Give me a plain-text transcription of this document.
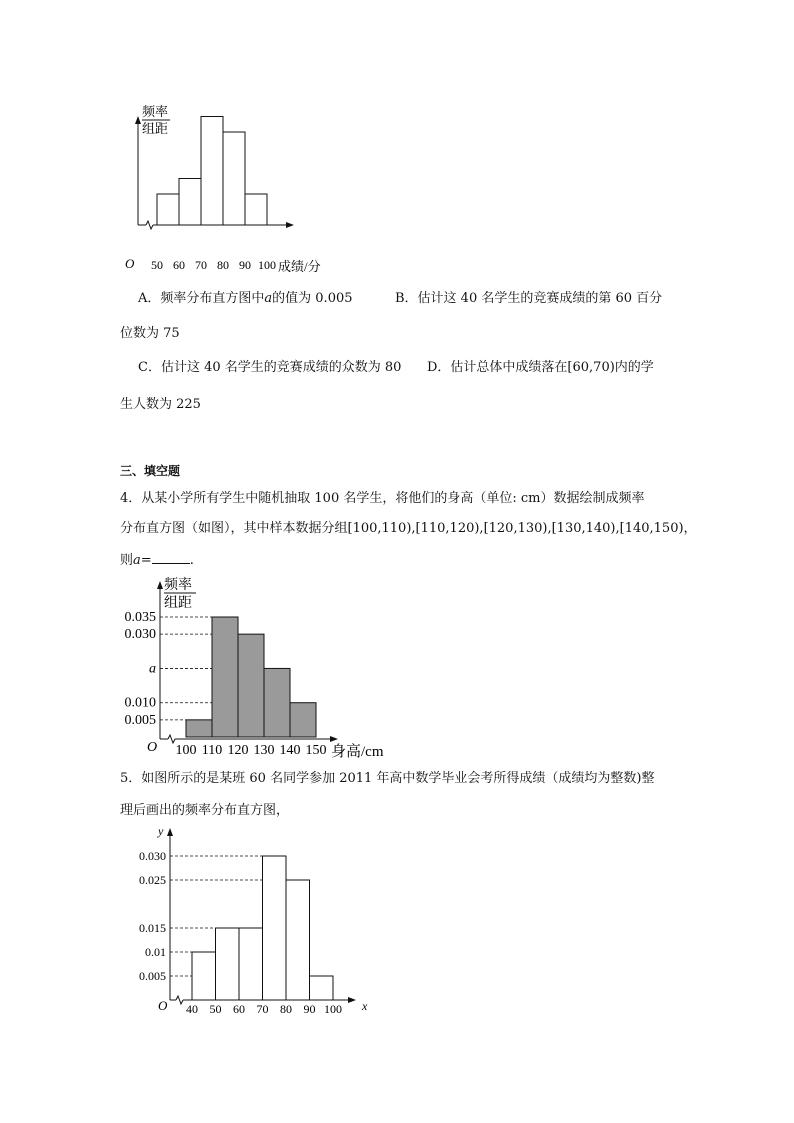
频率
组距
O 50 60 70 80 90 100 成绩/分
A．频率分布直方图中a的值为 0.005	B．估计这 40 名学生的竞赛成绩的第 60 百分
位数为 75
C．估计这 40 名学生的竞赛成绩的众数为 80 D．估计总体中成绩落在[60,70)内的学
生人数为 225
三、填空题
4．从某小学所有学生中随机抽取 100 名学生，将他们的身高（单位: cm）数据绘制成频率
分布直方图（如图），其中样本数据分组[100,110),[110,120),[120,130),[130,140),[140,150)，
则a=	.
频率
组距
O 100 110 120 130 140 150
0.035
0.030
a
0.010
0.005
身高/cm
5．如图所示的是某班 60 名同学参加 2011 年高中数学毕业会考所得成绩（成绩均为整数)整
理后画出的频率分布直方图，
y
O 40 50 60 70 80 90 100
0.030
0.025
0.015
0.01
0.005
x
